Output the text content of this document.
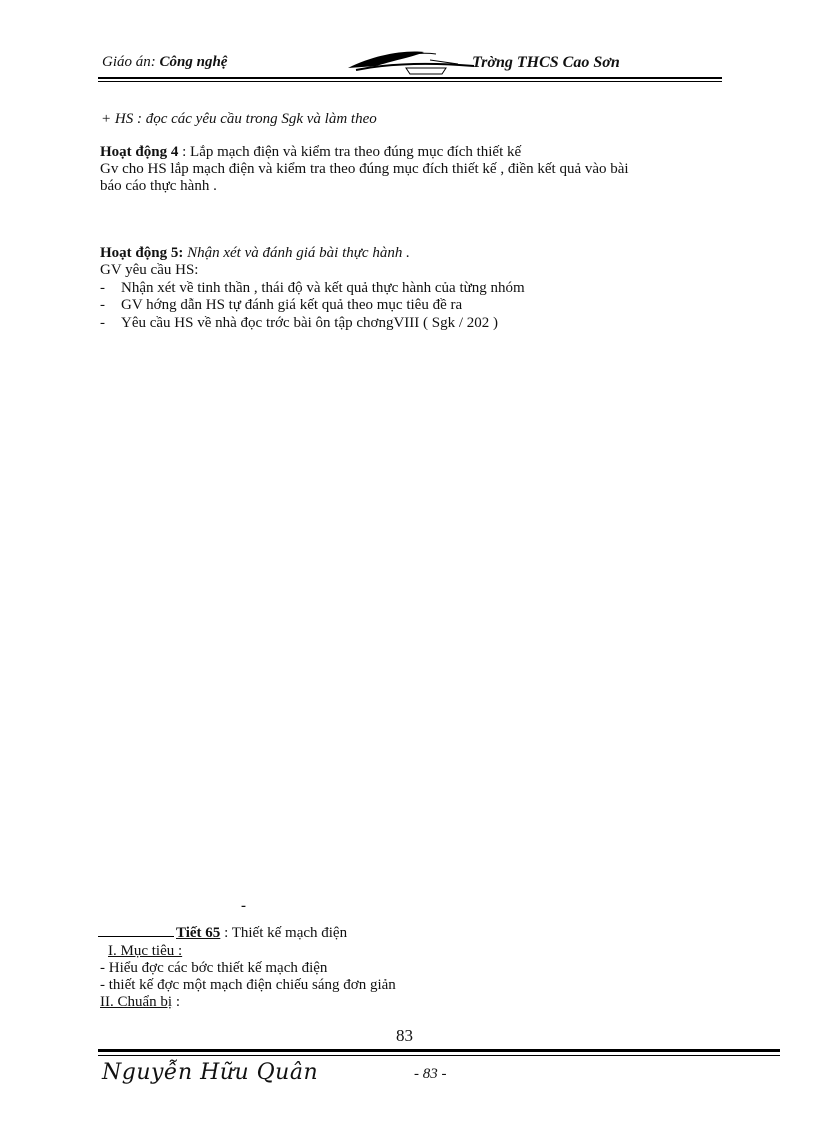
Giáo án: Công nghệ	Trờng THCS Cao Sơn
+ HS : đọc các yêu cầu trong Sgk và làm theo
Hoạt động 4 : Lắp mạch điện và kiểm tra theo đúng mục đích thiết kế
Gv cho HS lắp mạch điện và kiểm tra theo đúng mục đích thiết kế , điền kết quả vào bài
báo cáo thực hành .
Hoạt động 5: Nhận xét và đánh giá bài thực hành .
GV yêu cầu HS:
- Nhận xét về tinh thần , thái độ và kết quả thực hành của từng nhóm
- GV hớng dẫn HS tự đánh giá kết quả theo mục tiêu đề ra
- Yêu cầu HS về nhà đọc trớc bài ôn tập chơngVIII ( Sgk / 202 )
-
Tiết 65 : Thiết kế mạch điện
I. Mục tiêu :
- Hiểu đợc các bớc thiết kế mạch điện
- thiết kế đợc một mạch điện chiếu sáng đơn giản
II. Chuẩn bị :
83
Nguyễn Hữu Quân	- 83 -
